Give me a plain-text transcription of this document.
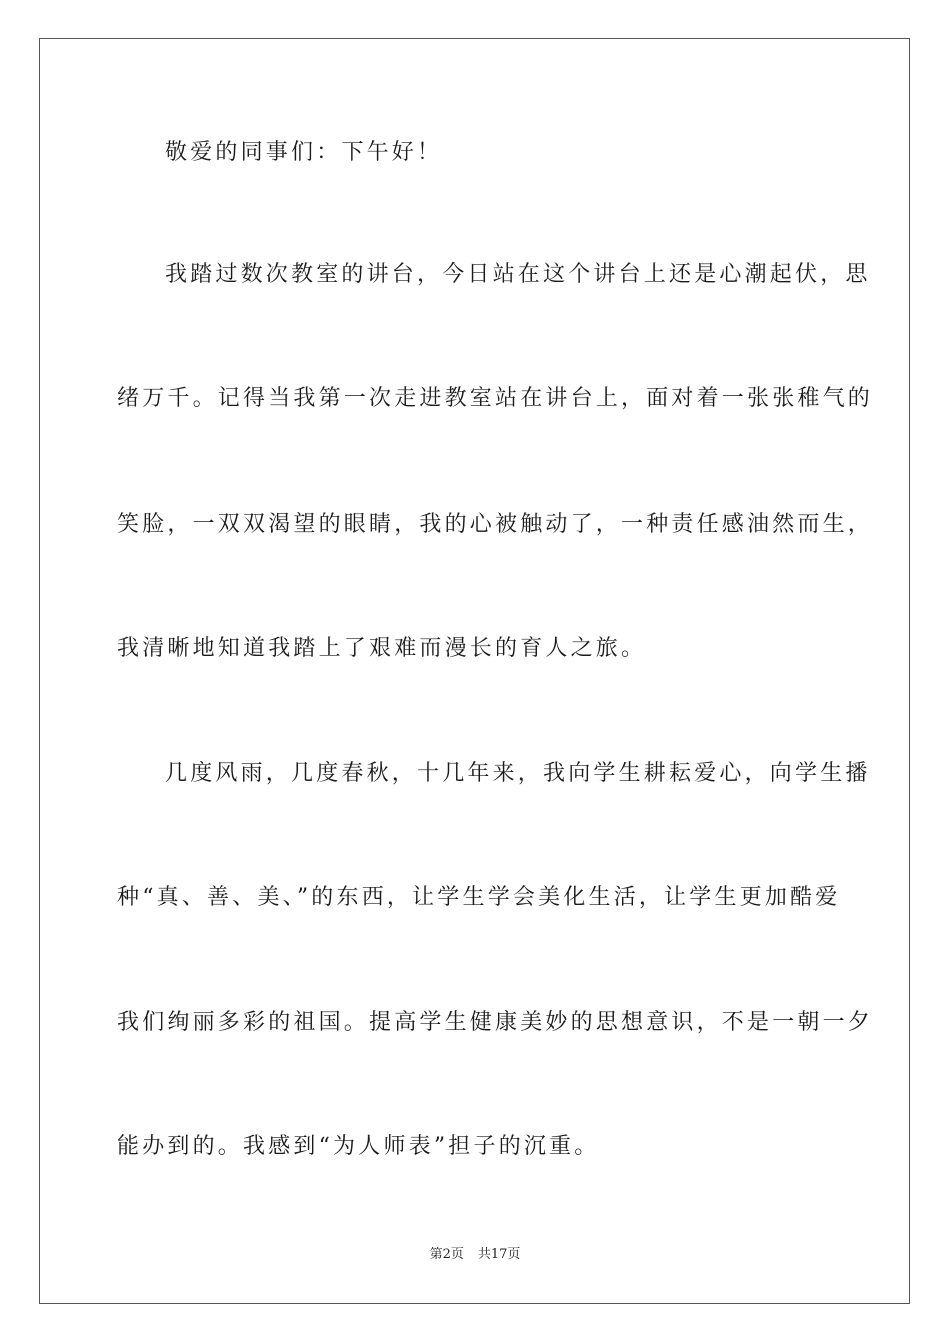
敬爱的同事们：下午好！
我踏过数次教室的讲台，今日站在这个讲台上还是心潮起伏，思
绪万千。记得当我第一次走进教室站在讲台上，面对着一张张稚气的
笑脸，一双双渴望的眼睛，我的心被触动了，一种责任感油然而生，
我清晰地知道我踏上了艰难而漫长的育人之旅。
几度风雨，几度春秋，十几年来，我向学生耕耘爱心，向学生播
种“真、善、美、”的东西，让学生学会美化生活，让学生更加酷爱
我们绚丽多彩的祖国。提高学生健康美妙的思想意识，不是一朝一夕
能办到的。我感到“为人师表”担子的沉重。
第2页 共17页
